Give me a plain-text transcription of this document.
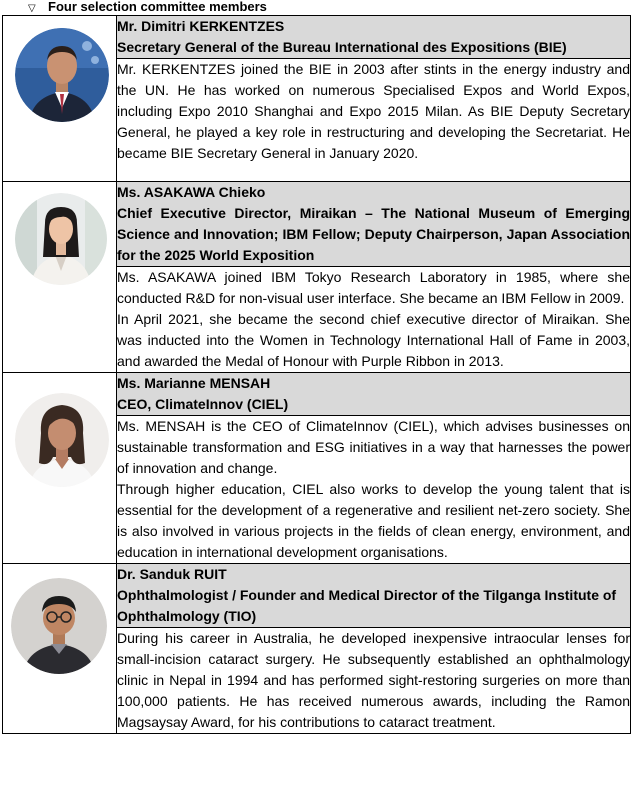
▽ Four selection committee members

Mr. Dimitri KERKENTZES
Secretary General of the Bureau International des Expositions (BIE)

	Mr. KERKENTZES joined the BIE in 2003 after stints in the energy industry and the UN. He has worked on numerous Specialised Expos and World Expos, including Expo 2010 Shanghai and Expo 2015 Milan. As BIE Deputy Secretary General, he played a key role in restructuring and developing the Secretariat. He became BIE Secretary General in January 2020.

Ms. ASAKAWA Chieko
Chief Executive Director, Miraikan – The National Museum of Emerging Science and Innovation; IBM Fellow; Deputy Chairperson, Japan Association for the 2025 World Exposition

	Ms. ASAKAWA joined IBM Tokyo Research Laboratory in 1985, where she conducted R&D for non-visual user interface. She became an IBM Fellow in 2009.
In April 2021, she became the second chief executive director of Miraikan. She was inducted into the Women in Technology International Hall of Fame in 2003, and awarded the Medal of Honour with Purple Ribbon in 2013.

Ms. Marianne MENSAH
CEO, ClimateInnov (CIEL)

	Ms. MENSAH is the CEO of ClimateInnov (CIEL), which advises businesses on sustainable transformation and ESG initiatives in a way that harnesses the power of innovation and change.
Through higher education, CIEL also works to develop the young talent that is essential for the development of a regenerative and resilient net-zero society. She is also involved in various projects in the fields of clean energy, environment, and education in international development organisations.

Dr. Sanduk RUIT
Ophthalmologist / Founder and Medical Director of the Tilganga Institute of Ophthalmology (TIO)

	During his career in Australia, he developed inexpensive intraocular lenses for small-incision cataract surgery. He subsequently established an ophthalmology clinic in Nepal in 1994 and has performed sight-restoring surgeries on more than 100,000 patients. He has received numerous awards, including the Ramon Magsaysay Award, for his contributions to cataract treatment.
